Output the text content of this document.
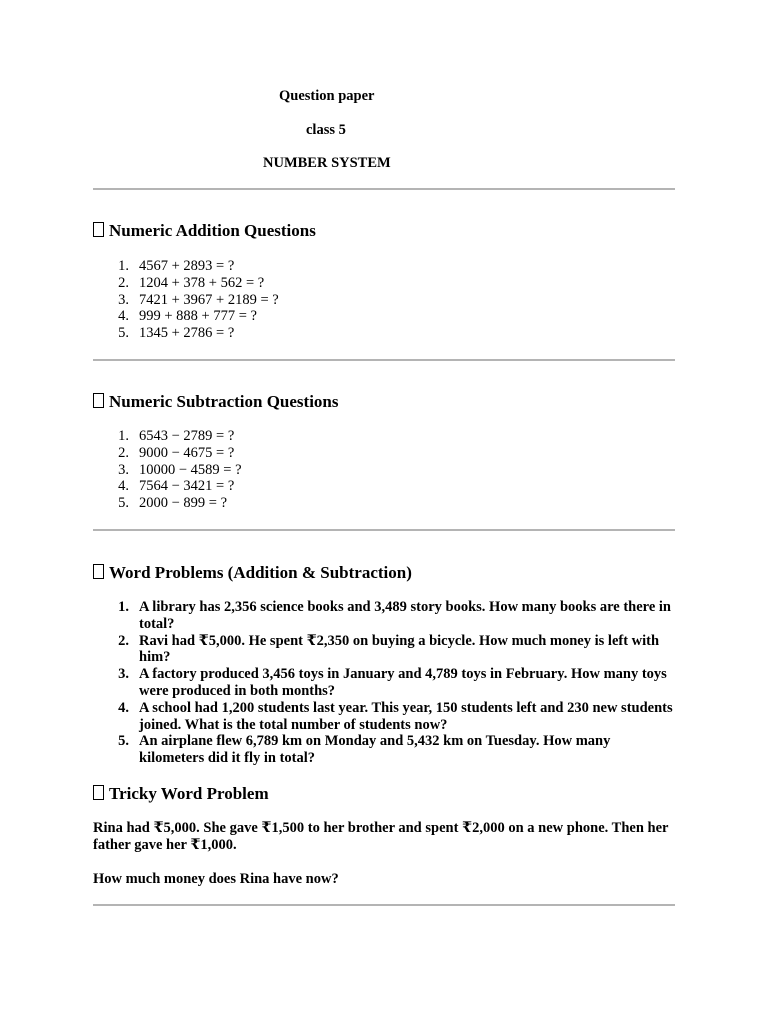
Question paper

class 5

NUMBER SYSTEM

Numeric Addition Questions
1. 4567 + 2893 = ?
2. 1204 + 378 + 562 = ?
3. 7421 + 3967 + 2189 = ?
4. 999 + 888 + 777 = ?
5. 1345 + 2786 = ?
Numeric Subtraction Questions
1. 6543 − 2789 = ?
2. 9000 − 4675 = ?
3. 10000 − 4589 = ?
4. 7564 − 3421 = ?
5. 2000 − 899 = ?
Word Problems (Addition & Subtraction)
1. A library has 2,356 science books and 3,489 story books. How many books are there in total?
2. Ravi had ₹5,000. He spent ₹2,350 on buying a bicycle. How much money is left with him?
3. A factory produced 3,456 toys in January and 4,789 toys in February. How many toys were produced in both months?
4. A school had 1,200 students last year. This year, 150 students left and 230 new students joined. What is the total number of students now?
5. An airplane flew 6,789 km on Monday and 5,432 km on Tuesday. How many kilometers did it fly in total?
Tricky Word Problem

Rina had ₹5,000. She gave ₹1,500 to her brother and spent ₹2,000 on a new phone. Then her father gave her ₹1,000.

How much money does Rina have now?
